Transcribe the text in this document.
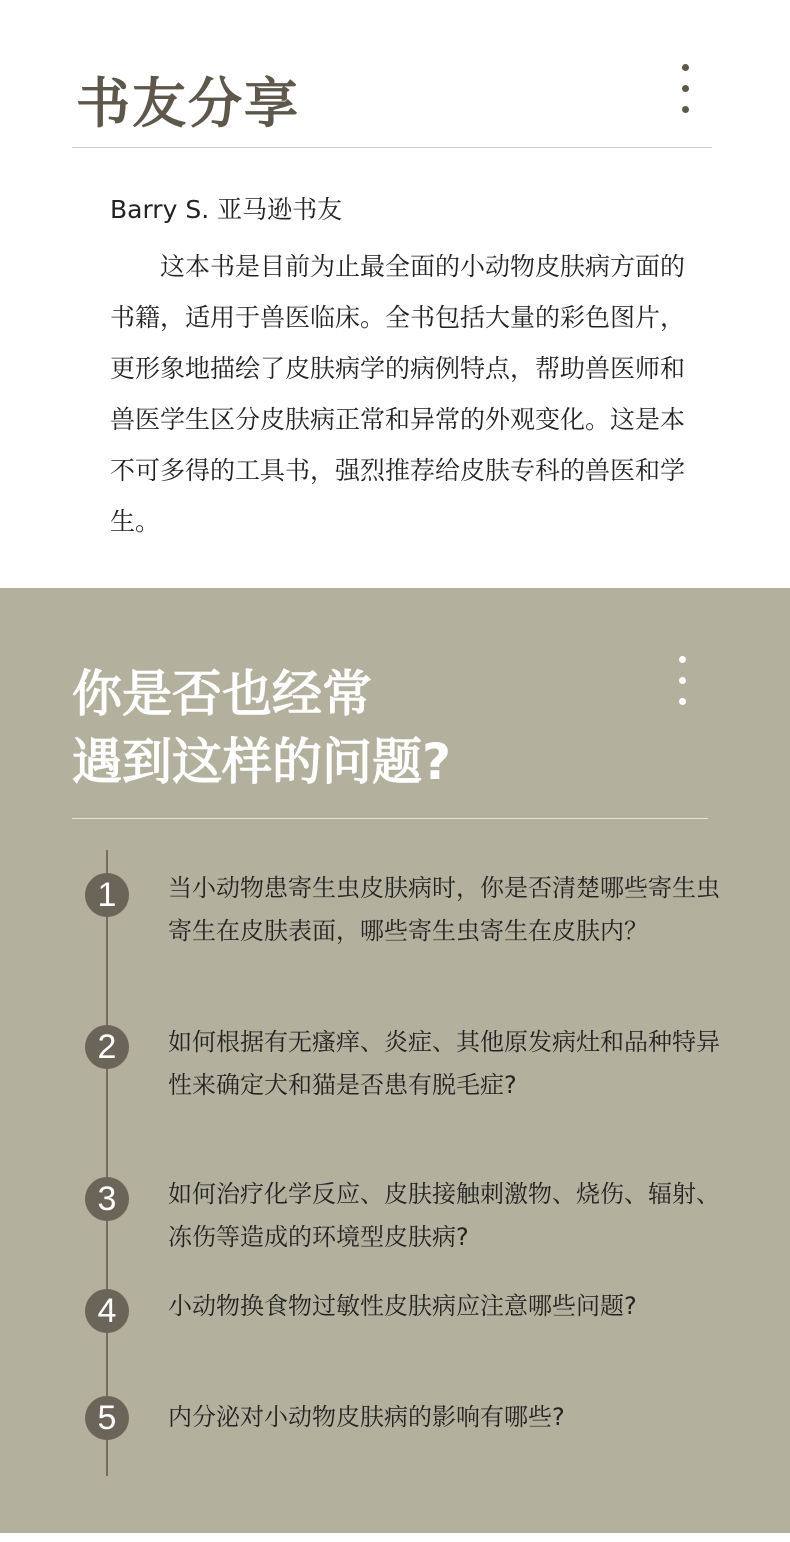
书友分享
Barry S. 亚马逊书友

这本书是目前为止最全面的小动物皮肤病方面的书籍，适用于兽医临床。全书包括大量的彩色图片，更形象地描绘了皮肤病学的病例特点，帮助兽医师和兽医学生区分皮肤病正常和异常的外观变化。这是本不可多得的工具书，强烈推荐给皮肤专科的兽医和学生。

你是否也经常
遇到这样的问题?
1	当小动物患寄生虫皮肤病时，你是否清楚哪些寄生虫寄生在皮肤表面，哪些寄生虫寄生在皮肤内？

2	如何根据有无瘙痒、炎症、其他原发病灶和品种特异性来确定犬和猫是否患有脱毛症?

3	如何治疗化学反应、皮肤接触刺激物、烧伤、辐射、冻伤等造成的环境型皮肤病?

4	小动物换食物过敏性皮肤病应注意哪些问题?

5	内分泌对小动物皮肤病的影响有哪些?
